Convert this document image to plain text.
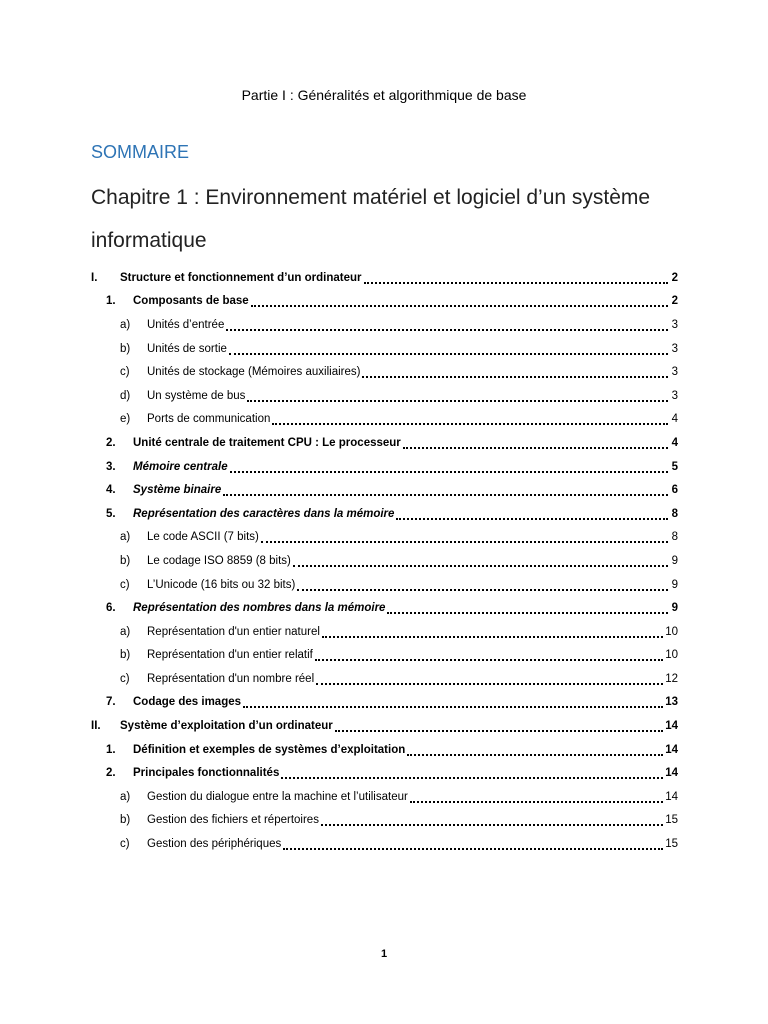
Partie I : Généralités et algorithmique de base
SOMMAIRE
Chapitre 1 : Environnement matériel et logiciel d’un système informatique
I.	Structure et fonctionnement d’un ordinateur	2
1.	Composants de base	2
a)	Unités d’entrée	3
b)	Unités de sortie	3
c)	Unités de stockage (Mémoires auxiliaires)	3
d)	Un système de bus	3
e)	Ports de communication	4
2.	Unité centrale de traitement CPU : Le processeur	4
3.	Mémoire centrale	5
4.	Système binaire	6
5.	Représentation des caractères dans la mémoire	8
a)	Le code ASCII (7 bits)	8
b)	Le codage ISO 8859 (8 bits)	9
c)	L’Unicode (16 bits ou 32 bits)	9
6.	Représentation des nombres dans la mémoire	9
a)	Représentation d'un entier naturel	10
b)	Représentation d'un entier relatif	10
c)	Représentation d'un nombre réel	12
7.	Codage des images	13
II.	Système d’exploitation d’un ordinateur	14
1.	Définition et exemples de systèmes d’exploitation	14
2.	Principales fonctionnalités	14
a)	Gestion du dialogue entre la machine et l’utilisateur	14
b)	Gestion des fichiers et répertoires	15
c)	Gestion des périphériques	15
1
